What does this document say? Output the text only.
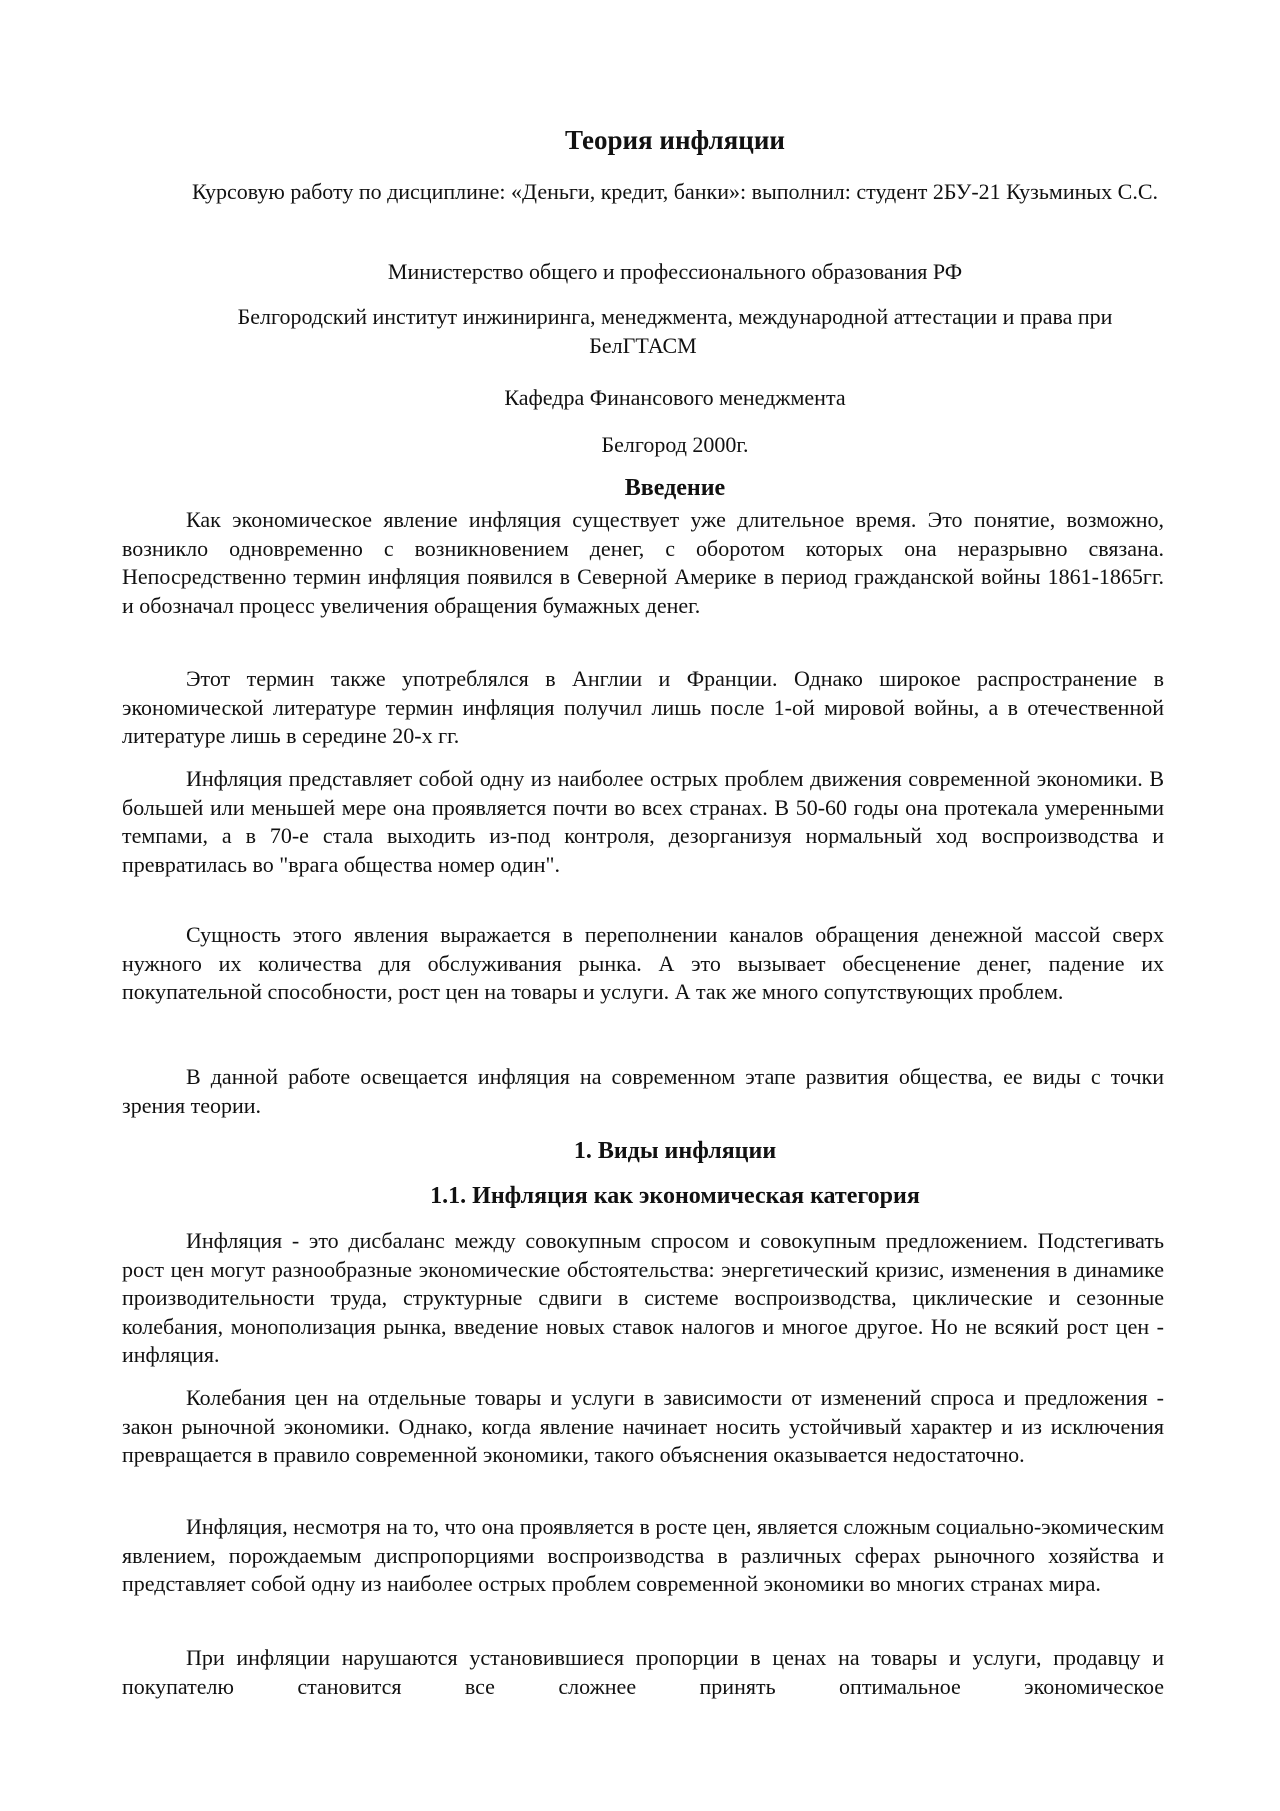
Теория инфляции
Курсовую работу по дисциплине: «Деньги, кредит, банки»: выполнил: студент 2БУ-21 Кузьминых С.С.
Министерство общего и профессионального образования РФ
Белгородский институт инжиниринга, менеджмента, международной аттестации и права при БелГТАСМ
Кафедра Финансового менеджмента
Белгород 2000г.
Введение

Как экономическое явление инфляция существует уже длительное время. Это понятие, возможно, возникло одновременно с возникновением денег, с оборотом которых она неразрывно связана. Непосредственно термин инфляция появился в Северной Америке в период гражданской войны 1861-1865гг. и обозначал процесс увеличения обращения бумажных денег.

Этот термин также употреблялся в Англии и Франции. Однако широкое распространение в экономической литературе термин инфляция получил лишь после 1-ой мировой войны, а в отечественной литературе лишь в середине 20-х гг.

Инфляция представляет собой одну из наиболее острых проблем движения современной экономики. В большей или меньшей мере она проявляется почти во всех странах. В 50-60 годы она протекала умеренными темпами, а в 70-е стала выходить из-под контроля, дезорганизуя нормальный ход воспроизводства и превратилась во "врага общества номер один".

Сущность этого явления выражается в переполнении каналов обращения денежной массой сверх нужного их количества для обслуживания рынка. А это вызывает обесценение денег, падение их покупательной способности, рост цен на товары и услуги. А так же много сопутствующих проблем.

В данной работе освещается инфляция на современном этапе развития общества, ее виды с точки зрения теории.

1. Виды инфляции
1.1. Инфляция как экономическая категория

Инфляция - это дисбаланс между совокупным спросом и совокупным предложением. Подстегивать рост цен могут разнообразные экономические обстоятельства: энергетический кризис, изменения в динамике производительности труда, структурные сдвиги в системе воспроизводства, циклические и сезонные колебания, монополизация рынка, введение новых ставок налогов и многое другое. Но не всякий рост цен - инфляция.

Колебания цен на отдельные товары и услуги в зависимости от изменений спроса и предложения - закон рыночной экономики. Однако, когда явление начинает носить устойчивый характер и из исключения превращается в правило современной экономики, такого объяснения оказывается недостаточно.

Инфляция, несмотря на то, что она проявляется в росте цен, является сложным социально-экомическим явлением, порождаемым диспропорциями воспроизводства в различных сферах рыночного хозяйства и представляет собой одну из наиболее острых проблем современной экономики во многих странах мира.

При инфляции нарушаются установившиеся пропорции в ценах на товары и услуги, продавцу и покупателю становится все сложнее принять оптимальное экономическое
